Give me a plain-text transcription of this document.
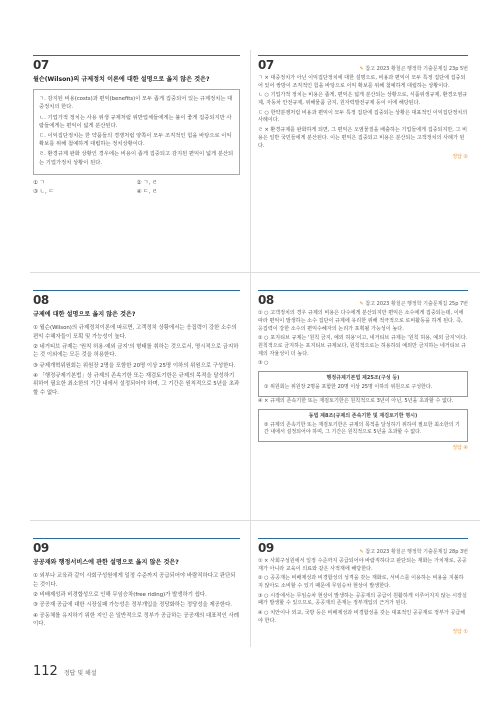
07
윌슨(Wilson)의 규제정치 이론에 대한 설명으로 옳지 않은 것은?
ㄱ. 감지된 비용(costs)과 편익(benefits)이 모두 좁게 집중되어 있는 규제정치는 대중정치의 한다.
ㄴ. 기업가적 정치는 사용 위생 규제처럼 위반업체들에게는 불이 좋게 집중되지만 사람들에게는 편익이 넓게 분산된다.
ㄷ. 이익집단정치는 한 약품들의 경쟁처럼 양쪽이 모두 조직적인 힘을 바탕으로 이익확보를 위해 첨예하게 대립하는 정치상황이다.
ㄹ. 환경규제 완화 상황인 경우에는 비용이 좁게 집중되고 감지된 편익이 넓게 분산되는 기업가정치 상황이 된다.
① ㄱ	② ㄱ, ㄹ
③ ㄴ, ㄷ	④ ㄷ, ㄹ
07	✎ 참고 2023 황철곤 행정학 기출문제집 23p 5번
ㄱ × 대중정치가 아닌 이익집단정치에 대한 설명으로, 비용과 편익이 모두 특정 집단에 집중되어 있어 쌍방이 조직적인 힘을 바탕으로 이익 확보를 위해 첨예하게 대립하는 상황이다.
ㄴ ○ 기업가적 정치는 비용은 좁게, 편익은 넓게 분산되는 상황으로, 식품위생규제, 환경오염규제, 자동차 안전규제, 위해물품 금지, 원자력발전규제 등이 이에 해당된다.
ㄷ ○ 한약분쟁처럼 비용과 편익이 모두 특정 집단에 집중되는 상황은 대표적인 이익집단정치의 사례이다.
ㄹ × 환경규제를 완화하게 되면, 그 편익은 오염물질을 배출하는 기업들에게 집중되지만, 그 비용은 일반 국민들에게 분산된다. 이는 편익은 집중되고 비용은 분산되는 고객정치의 사례가 된다.
정답 ②
08
규제에 대한 설명으로 옳지 않은 것은?
① 윌슨(Wilson)의 규제정치이론에 따르면, 고객정치 상황에서는 응집력이 강한 소수의 편익 수혜자들이 포획 및 가능성이 높다.
② 네거티브 규제는 '원칙 허용·예외 금지'의 형태를 취하는 것으로서, 명시적으로 금지하는 것 이외에는 모든 것을 허용한다.
③ 규제개혁위원회는 위원장 2명을 포함한 20명 이상 25명 이하의 위원으로 구성한다.
④ 「행정규제기본법」상 규제의 존속기한 또는 재검토기한은 규제의 목적을 달성하기 위하여 필요한 최소한의 기간 내에서 설정되어야 하며, 그 기간은 원칙적으로 5년을 초과할 수 없다.
08	✎ 참고 2023 황철곤 행정학 기출문제집 25p 7번
① ○ 고객정치의 경우 규제의 비용은 다수에게 분산되지만 편익은 소수에게 집중되는데, 이에 따라 편익이 발생하는 소수 집단이 규제에 유리한 위해 적극적으로 로비활동을 하게 된다. 즉, 응집력이 강한 소수의 편익수혜자의 논리가 포획될 가능성이 높다.
② ○ 포지티브 규제는 '원칙 금지, 예외 허용'이고, 네거티브 규제는 '원칙 허용, 예외 금지'이다. 원칙적으로 금지하는 포지티브 규제보다, 원칙적으로는 허용하되 예외만 금지하는 네거티브 규제의 자율성이 더 높다.
③ ○
행정규제기본법 제25조(구성 등)
① 위원회는 위원장 2명을 포함한 20명 이상 25명 이하의 위원으로 구성한다.
④ × 규제의 존속기한 또는 재검토기한은 원칙적으로 3년이 아닌, 5년을 초과할 수 없다.
동법 제8조(규제의 존속기한 및 재검토기한 명시)
② 규제의 존속기한 또는 재검토기한은 규제의 목적을 달성하기 위하여 필요한 최소한의 기간 내에서 설정되어야 하며, 그 기간은 원칙적으로 5년을 초과할 수 없다.
정답 ④
09
공공재와 행정서비스에 관한 설명으로 옳지 않은 것은?
① 외부나 교육과 같이 사회구성원에게 일정 수준까지 공급되어야 바람직하다고 판단되는 것이다.
② 비배제성과 비경합성으로 인해 무임승차(free riding)가 발생하기 쉽다.
③ 공공재 공급에 대한 시장실패 가능성은 정부개입을 정당화하는 정당성을 제공한다.
④ 공동체를 유지하기 위한 지인 은 일반적으로 정부가 공급하는 공공재의 대표적인 사례이다.
09	✎ 참고 2023 황철곤 행정학 기출문제집 28p 3번
① × 사회구성원에서 일정 수준까지 공급되어야 바람직하다고 판단되는 재화는 가치재로, 공공재가 아니라 교육이 의료와 같은 사적재에 해당한다.
② ○ 공공재는 비배제성과 비경합성의 성격을 갖는 재화로, 서비스를 이용하는 비용을 지불하지 않아도 소비할 수 있기 때문에 무임승차 현상이 발생한다.
③ ○ 시장에서는 무임승차 현상이 발생하는 공공재의 공급이 원활하게 이루어지지 않는 시장실패가 발생할 수 있으므로, 공공재의 존재는 정부개입의 근거가 된다.
④ ○ 치안이나 외교, 국방 등은 비배제성과 비경합성을 갖는 대표적인 공공재로 정부가 공급해야 한다.
정답 ①
112 정답 및 해설
